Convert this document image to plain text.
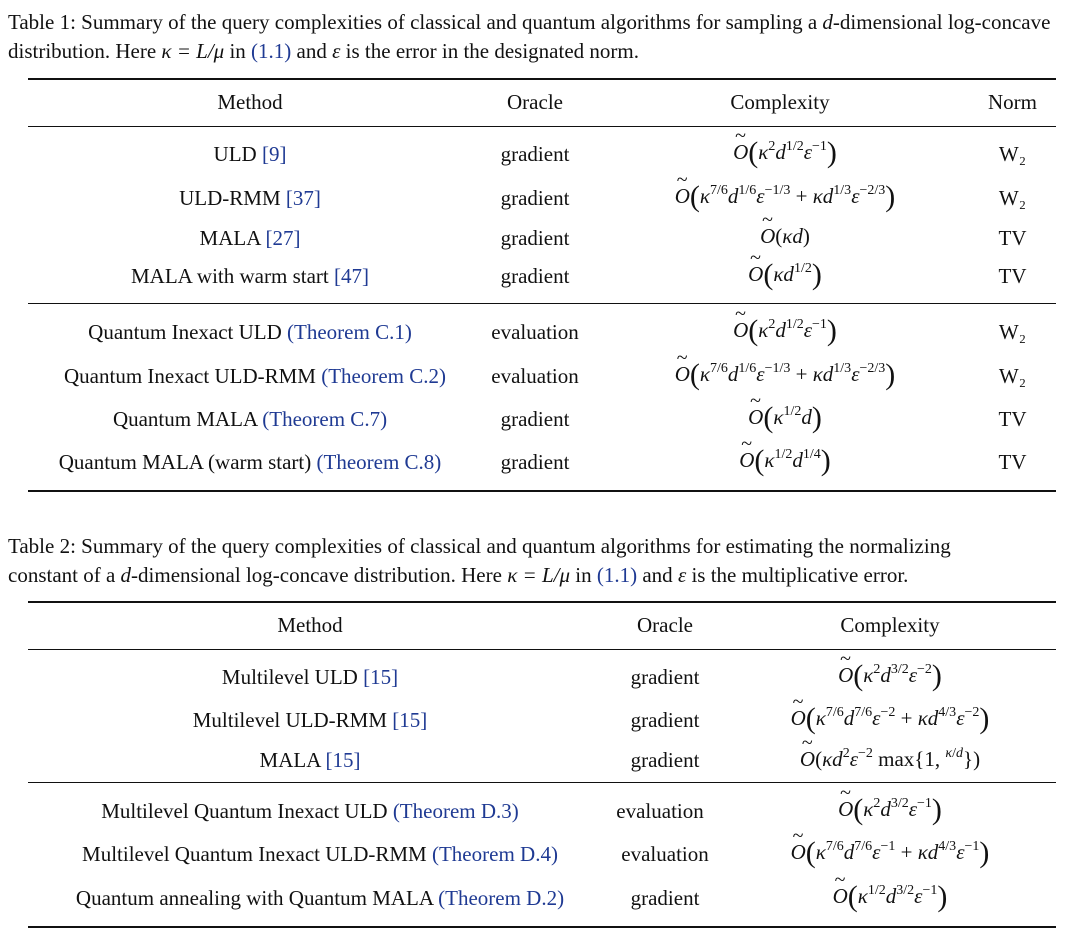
Table 1: Summary of the query complexities of classical and quantum algorithms for sampling a d-dimensional log-concave distribution. Here κ = L/μ in (1.1) and ε is the error in the designated norm.
Method	Oracle	Complexity	Norm
ULD [9]	gradient	~ $O(\kappa^2d^{1/2}\varepsilon^{-1})$	W₂
ULD-RMM [37]	gradient	~ $O(\kappa^{7/6}d^{1/6}\varepsilon^{-1/3} + \kappa d^{1/3}\varepsilon^{-2/3})$	W₂
MALA [27]	gradient	~ O(κd)	TV
MALA with warm start [47]	gradient	~ $O(\kappa d^{1/2})$	TV
Quantum Inexact ULD (Theorem C.1)	evaluation	~ $O(\kappa^2d^{1/2}\varepsilon^{-1})$	W₂
Quantum Inexact ULD-RMM (Theorem C.2)	evaluation	~ $O(\kappa^{7/6}d^{1/6}\varepsilon^{-1/3} + \kappa d^{1/3}\varepsilon^{-2/3})$	W₂
Quantum MALA (Theorem C.7)	gradient	~ $O(\kappa^{1/2}d)$	TV
Quantum MALA (warm start) (Theorem C.8)	gradient	~ $O(\kappa^{1/2}d^{1/4})$	TV
Table 2: Summary of the query complexities of classical and quantum algorithms for estimating the normalizing
constant of a d-dimensional log-concave distribution. Here κ = L/μ in (1.1) and ε is the multiplicative error.
Method	Oracle	Complexity
Multilevel ULD [15]	gradient	~ $O(\kappa^2d^{3/2}\varepsilon^{-2})$
Multilevel ULD-RMM [15]	gradient	~ $O(\kappa^{7/6}d^{7/6}\varepsilon^{-2} + \kappa d^{4/3}\varepsilon^{-2})$
MALA [15]	gradient	~ $O(\kappa d^2\varepsilon^{-2}$ max{1, $^{\kappa/d}$})
Multilevel Quantum Inexact ULD (Theorem D.3)	evaluation	~ $O(\kappa^2d^{3/2}\varepsilon^{-1})$
Multilevel Quantum Inexact ULD-RMM (Theorem D.4)	evaluation	~ $O(\kappa^{7/6}d^{7/6}\varepsilon^{-1} + \kappa d^{4/3}\varepsilon^{-1})$
Quantum annealing with Quantum MALA (Theorem D.2)	gradient	~ $O(\kappa^{1/2}d^{3/2}\varepsilon^{-1})$
